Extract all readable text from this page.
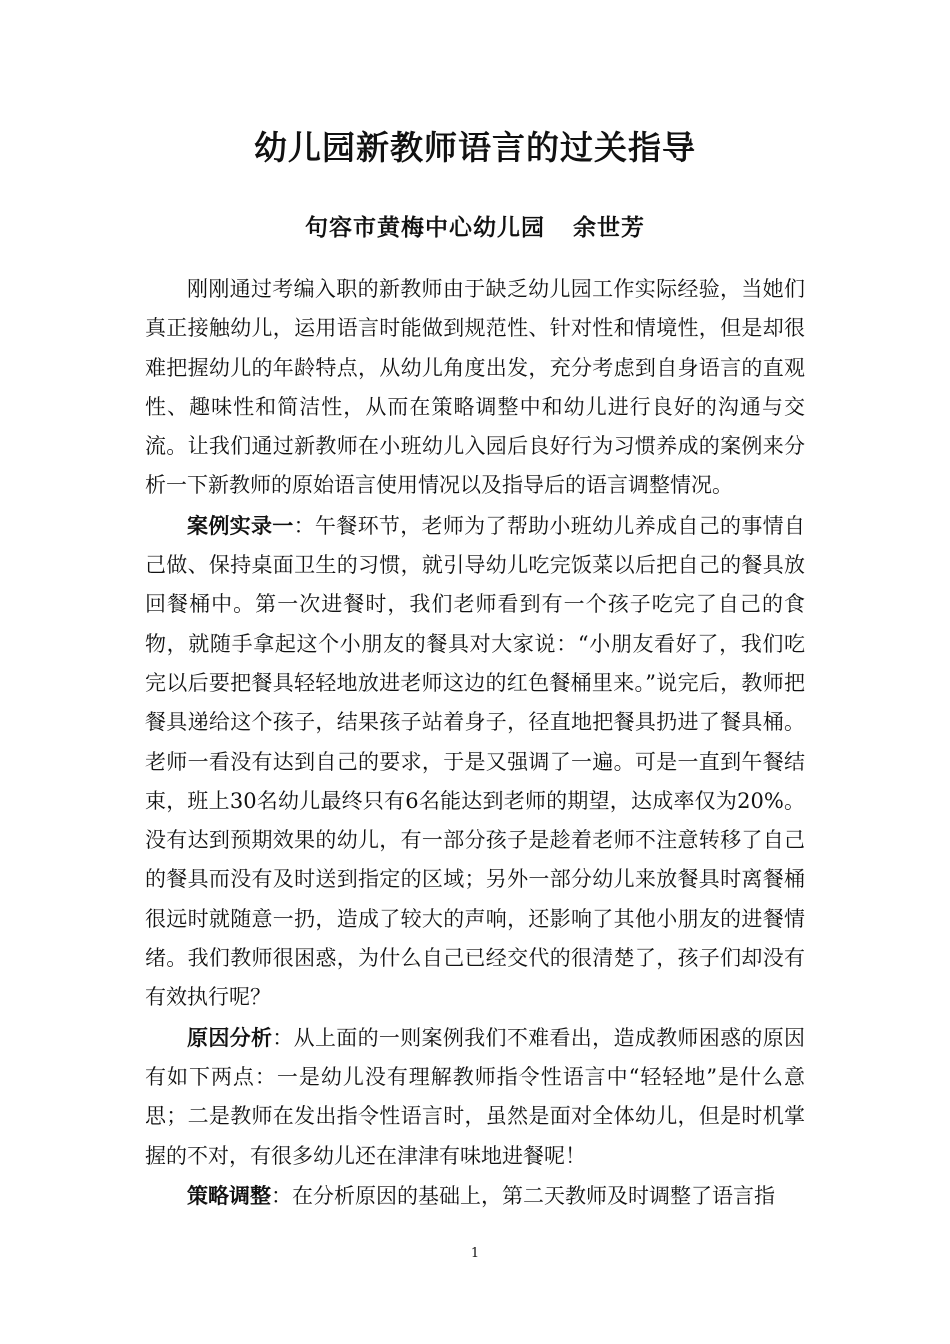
幼儿园新教师语言的过关指导
句容市黄梅中心幼儿园 余世芳

刚刚通过考编入职的新教师由于缺乏幼儿园工作实际经验，当她们真正接触幼儿，运用语言时能做到规范性、针对性和情境性，但是却很难把握幼儿的年龄特点，从幼儿角度出发，充分考虑到自身语言的直观性、趣味性和简洁性，从而在策略调整中和幼儿进行良好的沟通与交流。让我们通过新教师在小班幼儿入园后良好行为习惯养成的案例来分析一下新教师的原始语言使用情况以及指导后的语言调整情况。

案例实录一：午餐环节，老师为了帮助小班幼儿养成自己的事情自己做、保持桌面卫生的习惯，就引导幼儿吃完饭菜以后把自己的餐具放回餐桶中。第一次进餐时，我们老师看到有一个孩子吃完了自己的食物，就随手拿起这个小朋友的餐具对大家说：“小朋友看好了，我们吃完以后要把餐具轻轻地放进老师这边的红色餐桶里来。”说完后，教师把餐具递给这个孩子，结果孩子站着身子，径直地把餐具扔进了餐具桶。老师一看没有达到自己的要求，于是又强调了一遍。可是一直到午餐结束，班上30名幼儿最终只有6名能达到老师的期望，达成率仅为20%。没有达到预期效果的幼儿，有一部分孩子是趁着老师不注意转移了自己的餐具而没有及时送到指定的区域；另外一部分幼儿来放餐具时离餐桶很远时就随意一扔，造成了较大的声响，还影响了其他小朋友的进餐情绪。我们教师很困惑，为什么自己已经交代的很清楚了，孩子们却没有有效执行呢？

原因分析：从上面的一则案例我们不难看出，造成教师困惑的原因有如下两点：一是幼儿没有理解教师指令性语言中“轻轻地”是什么意思；二是教师在发出指令性语言时，虽然是面对全体幼儿，但是时机掌握的不对，有很多幼儿还在津津有味地进餐呢！

策略调整：在分析原因的基础上，第二天教师及时调整了语言指

1
